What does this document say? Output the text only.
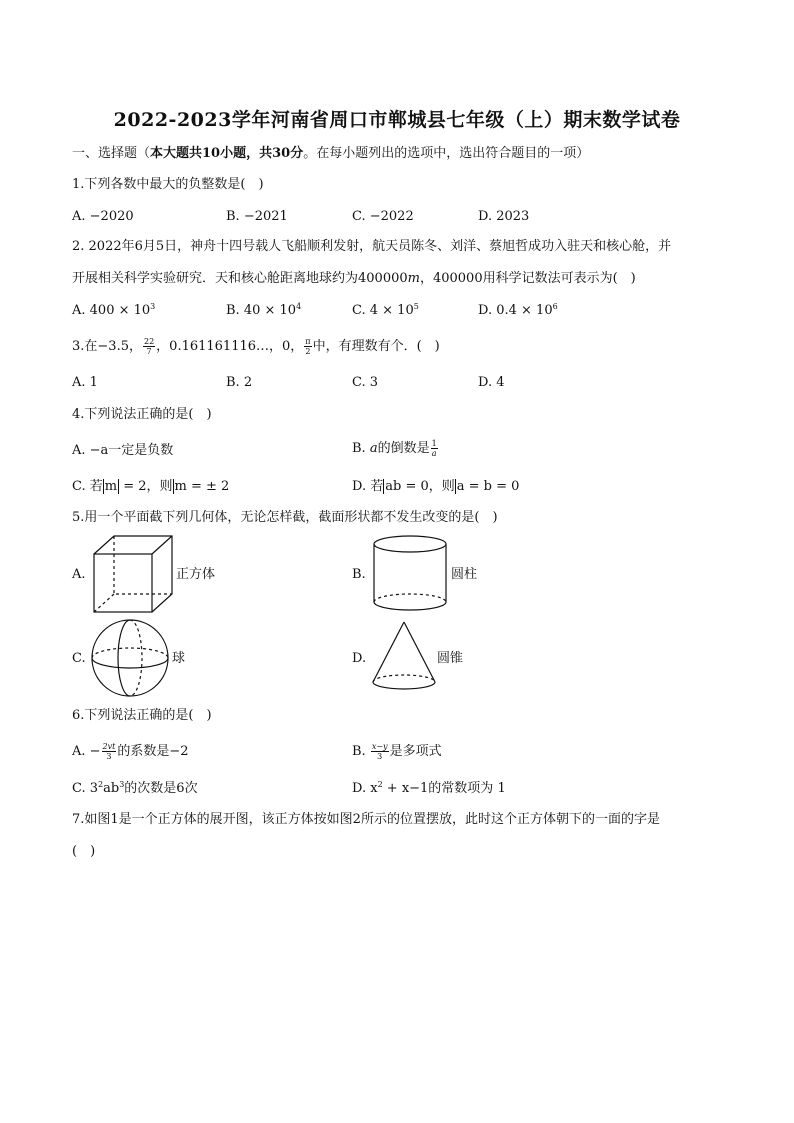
2022-2023学年河南省周口市郸城县七年级（上）期末数学试卷
一、选择题（本大题共10小题，共30分。在每小题列出的选项中，选出符合题目的一项）
1.下列各数中最大的负整数是(  )
A. −2020	B. −2021	C. −2022	D. 2023
2. 2022年6月5日，神舟十四号载人飞船顺利发射，航天员陈冬、刘洋、蔡旭哲成功入驻天和核心舱，并
开展相关科学实验研究．天和核心舱距离地球约为400000m，400000用科学记数法可表示为(  )
A. $400 \times 10^3$	B. $40 \times 10^4$	C. $4 \times 10^5$	D. $0.4 \times 10^6$
3.在−3.5， $\frac{22}{7}$ ，0.161161116…，0， $\frac{\pi}{2}$ 中，有理数有个．(  )
A. 1	B. 2	C. 3	D. 4
4.下列说法正确的是(  )
A. −a一定是负数	B. a的倒数是 $\frac{1}{a}$
C. 若 m = 2，则 m = ± 2	D. 若 ab = 0，则 a = b = 0
5.用一个平面截下列几何体，无论怎样截，截面形状都不发生改变的是(  )
A.	正方体	B.	圆柱
C.	球	D.	圆锥
6.下列说法正确的是(  )
A. − $\frac{2vt}{3}$ 的系数是−2	B. $\frac{x-y}{3}$ 是多项式
C. $3^2ab^3$的次数是6次	D. $x^2 + x-1$的常数项为 1
7.如图1是一个正方体的展开图，该正方体按如图2所示的位置摆放，此时这个正方体朝下的一面的字是
(  )
